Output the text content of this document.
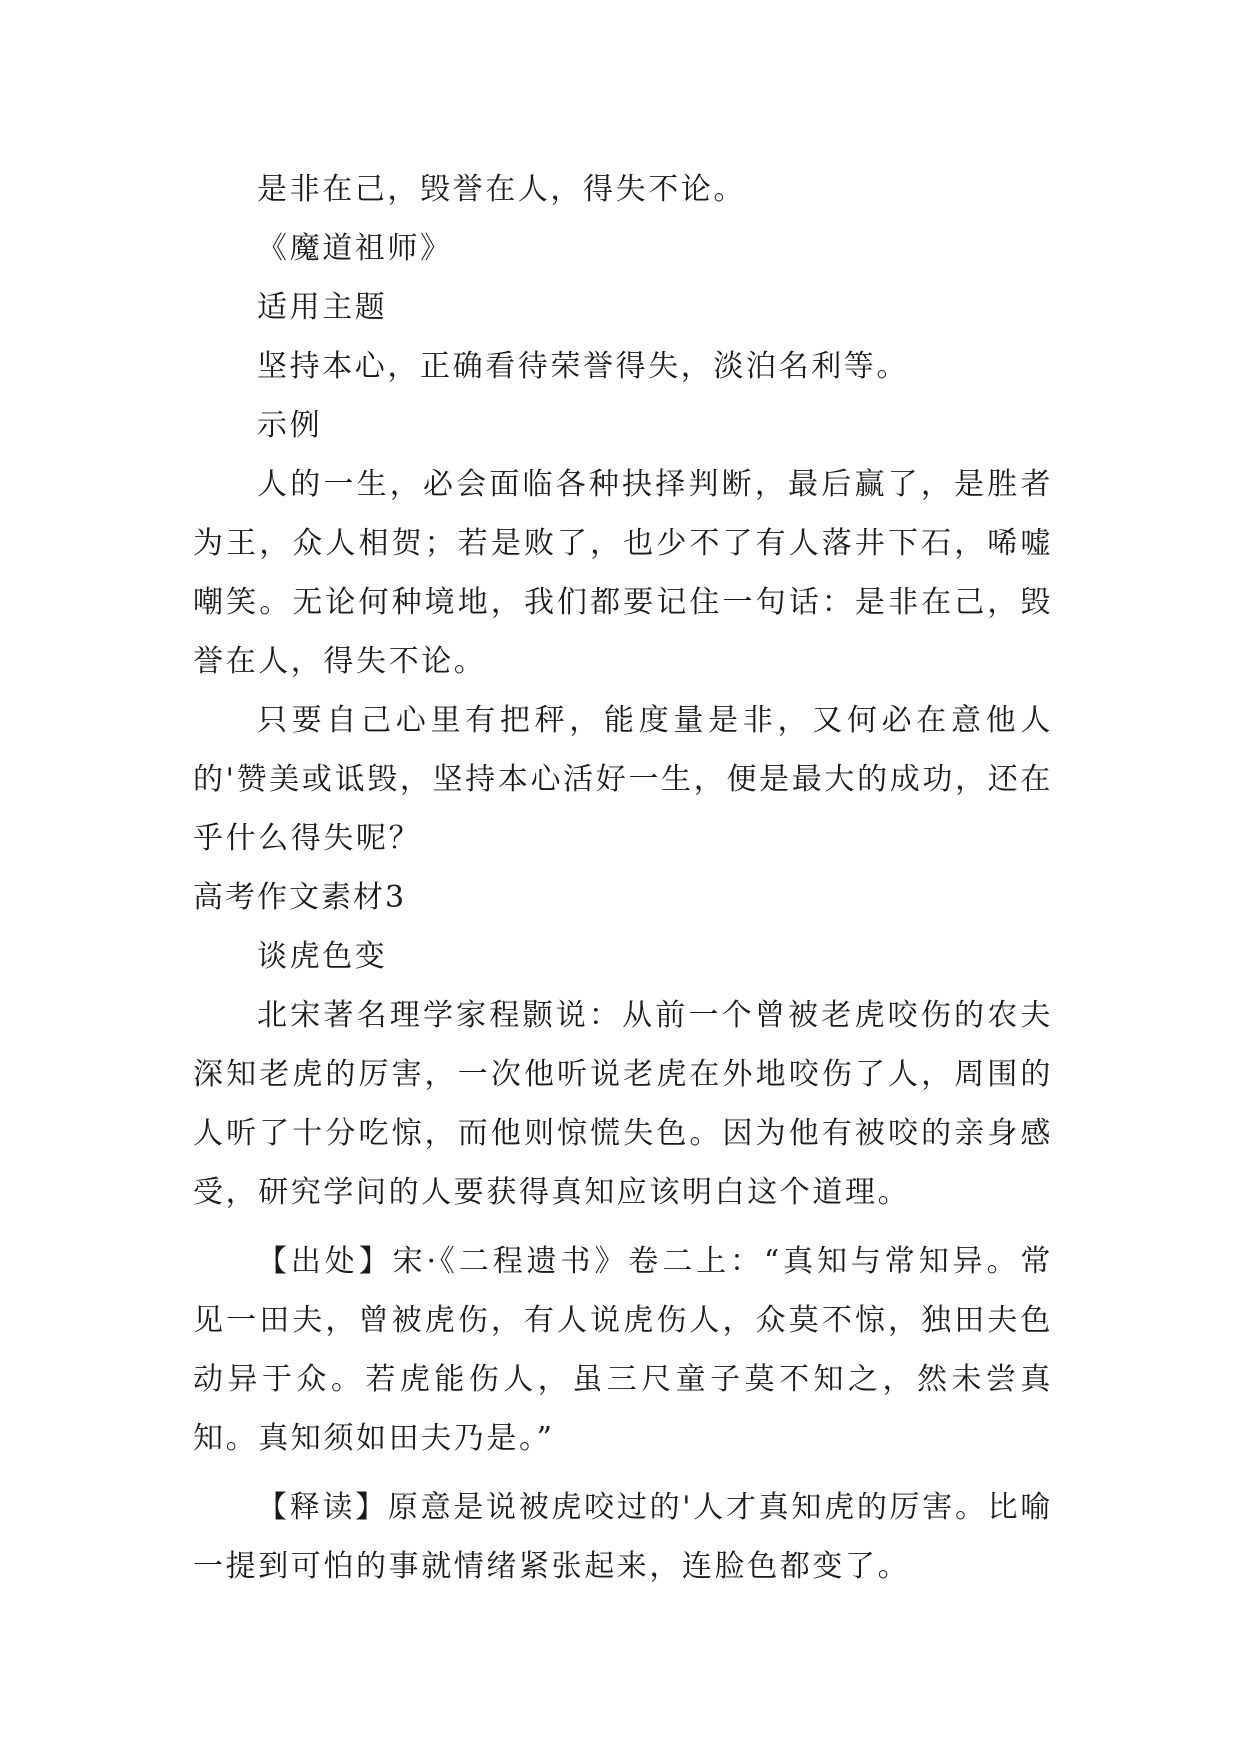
是非在己，毁誉在人，得失不论。

《魔道祖师》

适用主题

坚持本心，正确看待荣誉得失，淡泊名利等。

示例

人的一生，必会面临各种抉择判断，最后赢了，是胜者为王，众人相贺；若是败了，也少不了有人落井下石，唏嘘嘲笑。无论何种境地，我们都要记住一句话：是非在己，毁誉在人，得失不论。

只要自己心里有把秤，能度量是非，又何必在意他人的'赞美或诋毁，坚持本心活好一生，便是最大的成功，还在乎什么得失呢？

高考作文素材3

谈虎色变

北宋著名理学家程颢说：从前一个曾被老虎咬伤的农夫深知老虎的厉害，一次他听说老虎在外地咬伤了人，周围的人听了十分吃惊，而他则惊慌失色。因为他有被咬的亲身感受，研究学问的人要获得真知应该明白这个道理。

【出处】宋·《二程遗书》卷二上：“真知与常知异。常见一田夫，曾被虎伤，有人说虎伤人，众莫不惊，独田夫色动异于众。若虎能伤人，虽三尺童子莫不知之，然未尝真知。真知须如田夫乃是。”

【释读】原意是说被虎咬过的'人才真知虎的厉害。比喻一提到可怕的事就情绪紧张起来，连脸色都变了。
